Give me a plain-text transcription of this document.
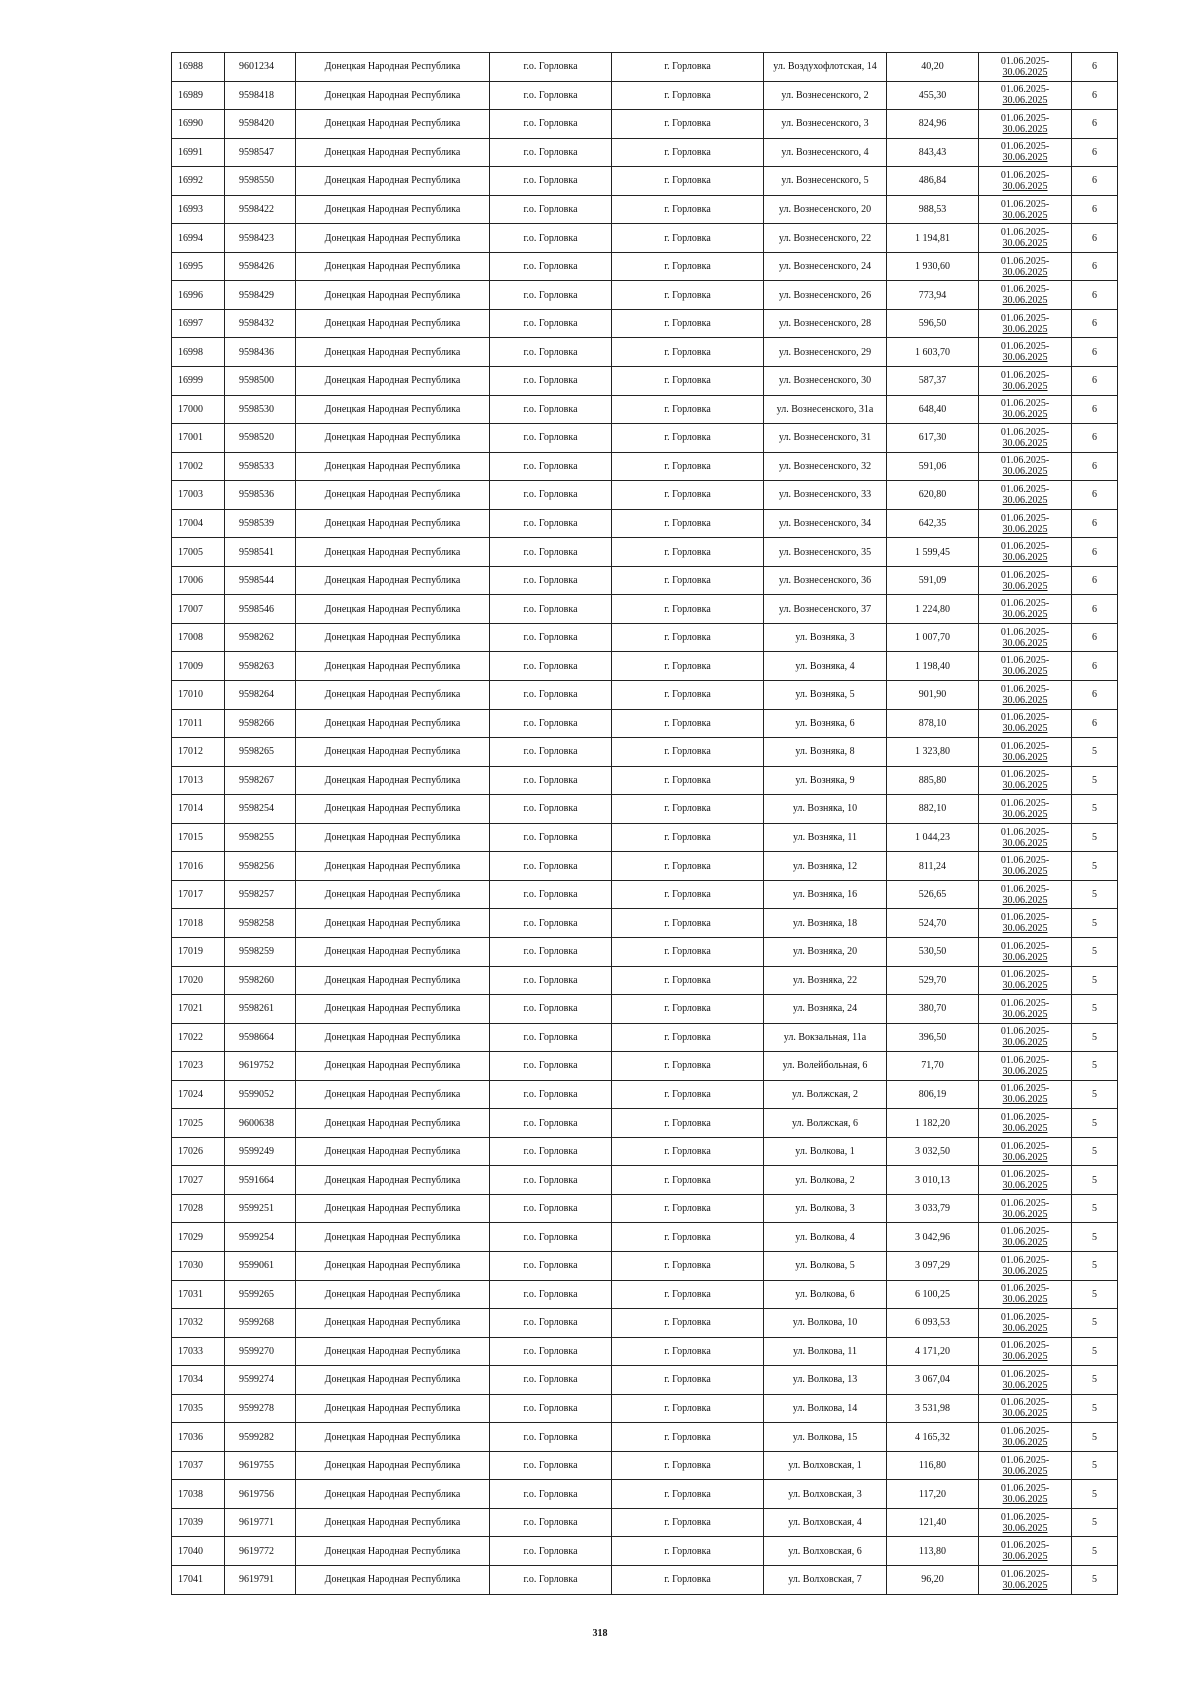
16988	9601234	Донецкая Народная Республика	г.о. Горловка	г. Горловка	ул. Воздухофлотская, 14	40,20	01.06.2025-
30.06.2025	6
16989	9598418	Донецкая Народная Республика	г.о. Горловка	г. Горловка	ул. Вознесенского, 2	455,30	01.06.2025-
30.06.2025	6
16990	9598420	Донецкая Народная Республика	г.о. Горловка	г. Горловка	ул. Вознесенского, 3	824,96	01.06.2025-
30.06.2025	6
16991	9598547	Донецкая Народная Республика	г.о. Горловка	г. Горловка	ул. Вознесенского, 4	843,43	01.06.2025-
30.06.2025	6
16992	9598550	Донецкая Народная Республика	г.о. Горловка	г. Горловка	ул. Вознесенского, 5	486,84	01.06.2025-
30.06.2025	6
16993	9598422	Донецкая Народная Республика	г.о. Горловка	г. Горловка	ул. Вознесенского, 20	988,53	01.06.2025-
30.06.2025	6
16994	9598423	Донецкая Народная Республика	г.о. Горловка	г. Горловка	ул. Вознесенского, 22	1 194,81	01.06.2025-
30.06.2025	6
16995	9598426	Донецкая Народная Республика	г.о. Горловка	г. Горловка	ул. Вознесенского, 24	1 930,60	01.06.2025-
30.06.2025	6
16996	9598429	Донецкая Народная Республика	г.о. Горловка	г. Горловка	ул. Вознесенского, 26	773,94	01.06.2025-
30.06.2025	6
16997	9598432	Донецкая Народная Республика	г.о. Горловка	г. Горловка	ул. Вознесенского, 28	596,50	01.06.2025-
30.06.2025	6
16998	9598436	Донецкая Народная Республика	г.о. Горловка	г. Горловка	ул. Вознесенского, 29	1 603,70	01.06.2025-
30.06.2025	6
16999	9598500	Донецкая Народная Республика	г.о. Горловка	г. Горловка	ул. Вознесенского, 30	587,37	01.06.2025-
30.06.2025	6
17000	9598530	Донецкая Народная Республика	г.о. Горловка	г. Горловка	ул. Вознесенского, 31а	648,40	01.06.2025-
30.06.2025	6
17001	9598520	Донецкая Народная Республика	г.о. Горловка	г. Горловка	ул. Вознесенского, 31	617,30	01.06.2025-
30.06.2025	6
17002	9598533	Донецкая Народная Республика	г.о. Горловка	г. Горловка	ул. Вознесенского, 32	591,06	01.06.2025-
30.06.2025	6
17003	9598536	Донецкая Народная Республика	г.о. Горловка	г. Горловка	ул. Вознесенского, 33	620,80	01.06.2025-
30.06.2025	6
17004	9598539	Донецкая Народная Республика	г.о. Горловка	г. Горловка	ул. Вознесенского, 34	642,35	01.06.2025-
30.06.2025	6
17005	9598541	Донецкая Народная Республика	г.о. Горловка	г. Горловка	ул. Вознесенского, 35	1 599,45	01.06.2025-
30.06.2025	6
17006	9598544	Донецкая Народная Республика	г.о. Горловка	г. Горловка	ул. Вознесенского, 36	591,09	01.06.2025-
30.06.2025	6
17007	9598546	Донецкая Народная Республика	г.о. Горловка	г. Горловка	ул. Вознесенского, 37	1 224,80	01.06.2025-
30.06.2025	6
17008	9598262	Донецкая Народная Республика	г.о. Горловка	г. Горловка	ул. Возняка, 3	1 007,70	01.06.2025-
30.06.2025	6
17009	9598263	Донецкая Народная Республика	г.о. Горловка	г. Горловка	ул. Возняка, 4	1 198,40	01.06.2025-
30.06.2025	6
17010	9598264	Донецкая Народная Республика	г.о. Горловка	г. Горловка	ул. Возняка, 5	901,90	01.06.2025-
30.06.2025	6
17011	9598266	Донецкая Народная Республика	г.о. Горловка	г. Горловка	ул. Возняка, 6	878,10	01.06.2025-
30.06.2025	6
17012	9598265	Донецкая Народная Республика	г.о. Горловка	г. Горловка	ул. Возняка, 8	1 323,80	01.06.2025-
30.06.2025	5
17013	9598267	Донецкая Народная Республика	г.о. Горловка	г. Горловка	ул. Возняка, 9	885,80	01.06.2025-
30.06.2025	5
17014	9598254	Донецкая Народная Республика	г.о. Горловка	г. Горловка	ул. Возняка, 10	882,10	01.06.2025-
30.06.2025	5
17015	9598255	Донецкая Народная Республика	г.о. Горловка	г. Горловка	ул. Возняка, 11	1 044,23	01.06.2025-
30.06.2025	5
17016	9598256	Донецкая Народная Республика	г.о. Горловка	г. Горловка	ул. Возняка, 12	811,24	01.06.2025-
30.06.2025	5
17017	9598257	Донецкая Народная Республика	г.о. Горловка	г. Горловка	ул. Возняка, 16	526,65	01.06.2025-
30.06.2025	5
17018	9598258	Донецкая Народная Республика	г.о. Горловка	г. Горловка	ул. Возняка, 18	524,70	01.06.2025-
30.06.2025	5
17019	9598259	Донецкая Народная Республика	г.о. Горловка	г. Горловка	ул. Возняка, 20	530,50	01.06.2025-
30.06.2025	5
17020	9598260	Донецкая Народная Республика	г.о. Горловка	г. Горловка	ул. Возняка, 22	529,70	01.06.2025-
30.06.2025	5
17021	9598261	Донецкая Народная Республика	г.о. Горловка	г. Горловка	ул. Возняка, 24	380,70	01.06.2025-
30.06.2025	5
17022	9598664	Донецкая Народная Республика	г.о. Горловка	г. Горловка	ул. Вокзальная, 11а	396,50	01.06.2025-
30.06.2025	5
17023	9619752	Донецкая Народная Республика	г.о. Горловка	г. Горловка	ул. Волейбольная, 6	71,70	01.06.2025-
30.06.2025	5
17024	9599052	Донецкая Народная Республика	г.о. Горловка	г. Горловка	ул. Волжская, 2	806,19	01.06.2025-
30.06.2025	5
17025	9600638	Донецкая Народная Республика	г.о. Горловка	г. Горловка	ул. Волжская, 6	1 182,20	01.06.2025-
30.06.2025	5
17026	9599249	Донецкая Народная Республика	г.о. Горловка	г. Горловка	ул. Волкова, 1	3 032,50	01.06.2025-
30.06.2025	5
17027	9591664	Донецкая Народная Республика	г.о. Горловка	г. Горловка	ул. Волкова, 2	3 010,13	01.06.2025-
30.06.2025	5
17028	9599251	Донецкая Народная Республика	г.о. Горловка	г. Горловка	ул. Волкова, 3	3 033,79	01.06.2025-
30.06.2025	5
17029	9599254	Донецкая Народная Республика	г.о. Горловка	г. Горловка	ул. Волкова, 4	3 042,96	01.06.2025-
30.06.2025	5
17030	9599061	Донецкая Народная Республика	г.о. Горловка	г. Горловка	ул. Волкова, 5	3 097,29	01.06.2025-
30.06.2025	5
17031	9599265	Донецкая Народная Республика	г.о. Горловка	г. Горловка	ул. Волкова, 6	6 100,25	01.06.2025-
30.06.2025	5
17032	9599268	Донецкая Народная Республика	г.о. Горловка	г. Горловка	ул. Волкова, 10	6 093,53	01.06.2025-
30.06.2025	5
17033	9599270	Донецкая Народная Республика	г.о. Горловка	г. Горловка	ул. Волкова, 11	4 171,20	01.06.2025-
30.06.2025	5
17034	9599274	Донецкая Народная Республика	г.о. Горловка	г. Горловка	ул. Волкова, 13	3 067,04	01.06.2025-
30.06.2025	5
17035	9599278	Донецкая Народная Республика	г.о. Горловка	г. Горловка	ул. Волкова, 14	3 531,98	01.06.2025-
30.06.2025	5
17036	9599282	Донецкая Народная Республика	г.о. Горловка	г. Горловка	ул. Волкова, 15	4 165,32	01.06.2025-
30.06.2025	5
17037	9619755	Донецкая Народная Республика	г.о. Горловка	г. Горловка	ул. Волховская, 1	116,80	01.06.2025-
30.06.2025	5
17038	9619756	Донецкая Народная Республика	г.о. Горловка	г. Горловка	ул. Волховская, 3	117,20	01.06.2025-
30.06.2025	5
17039	9619771	Донецкая Народная Республика	г.о. Горловка	г. Горловка	ул. Волховская, 4	121,40	01.06.2025-
30.06.2025	5
17040	9619772	Донецкая Народная Республика	г.о. Горловка	г. Горловка	ул. Волховская, 6	113,80	01.06.2025-
30.06.2025	5
17041	9619791	Донецкая Народная Республика	г.о. Горловка	г. Горловка	ул. Волховская, 7	96,20	01.06.2025-
30.06.2025	5
318
